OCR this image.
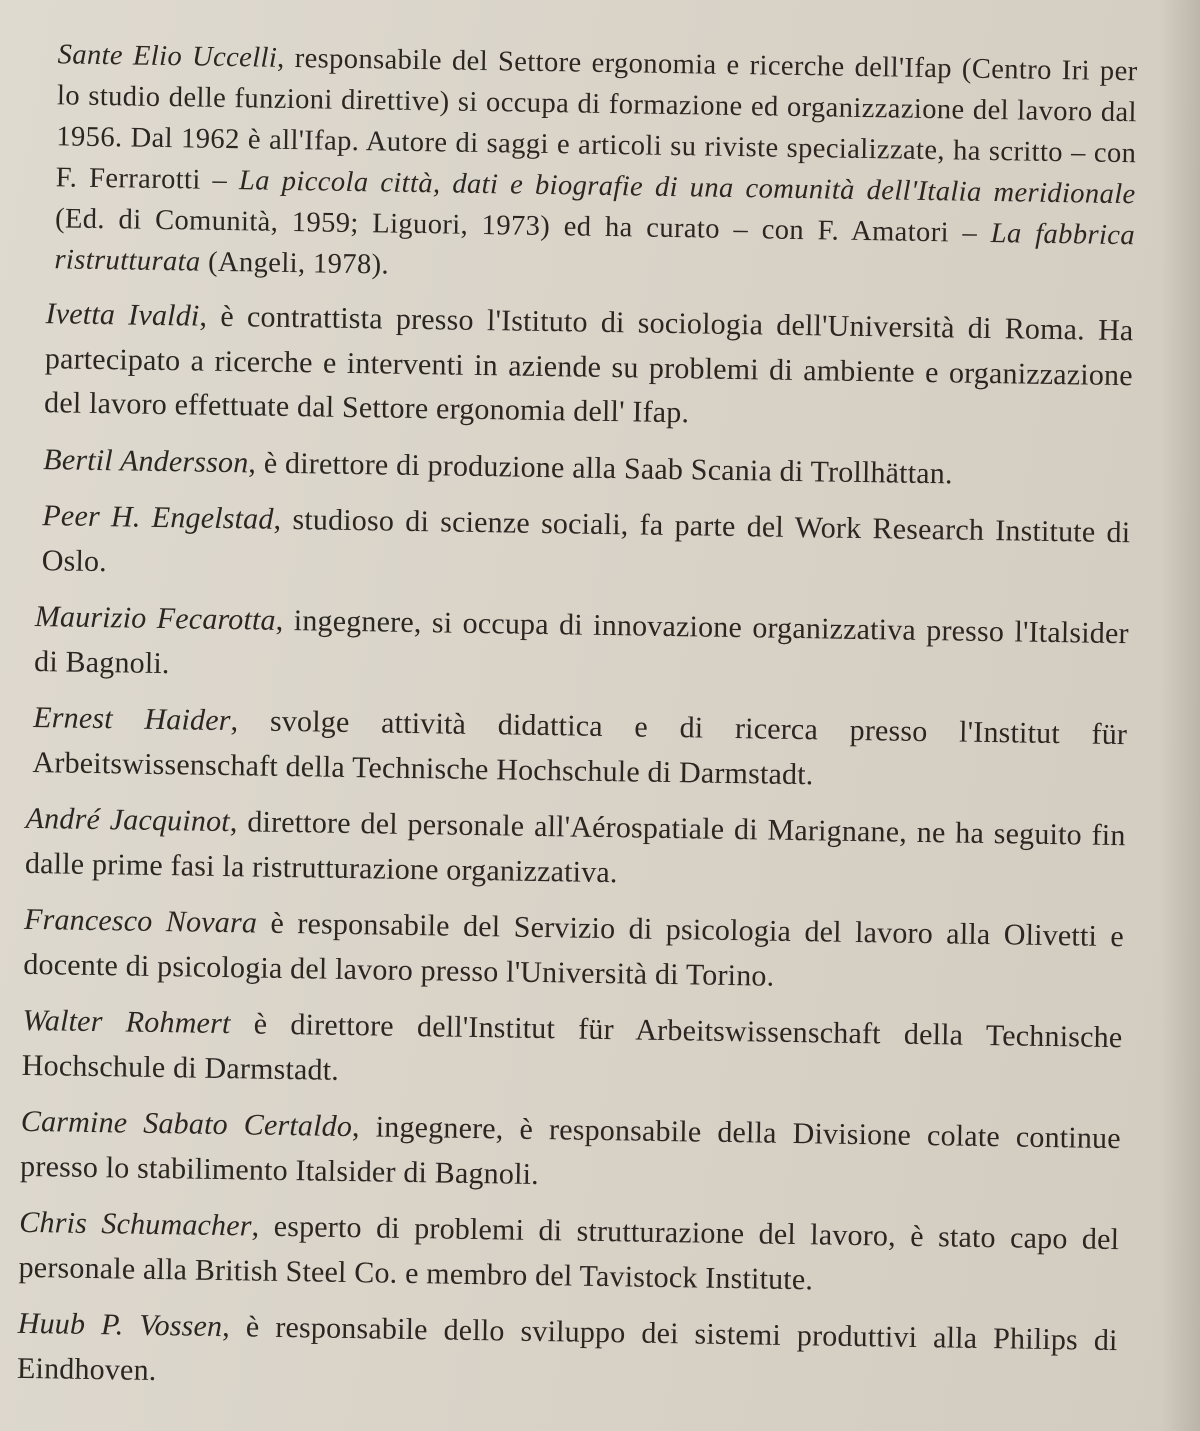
Sante Elio Uccelli, responsabile del Settore ergonomia e ricerche dell'Ifap (Centro Iri per lo studio delle funzioni direttive) si occupa di formazione ed organizzazione del lavoro dal 1956. Dal 1962 è all'Ifap. Autore di saggi e articoli su riviste specializzate, ha scritto – con F. Ferrarotti – La piccola città, dati e biografie di una comunità dell'Italia meridionale (Ed. di Comunità, 1959; Liguori, 1973) ed ha curato – con F. Amatori – La fabbrica ristrutturata (Angeli, 1978).

Ivetta Ivaldi, è contrattista presso l'Istituto di sociologia dell'Università di Roma. Ha partecipato a ricerche e interventi in aziende su problemi di ambiente e organizzazione del lavoro effettuate dal Settore ergonomia dell' Ifap.

Bertil Andersson, è direttore di produzione alla Saab Scania di Trollhättan.

Peer H. Engelstad, studioso di scienze sociali, fa parte del Work Research Institute di Oslo.

Maurizio Fecarotta, ingegnere, si occupa di innovazione organizzativa presso l'Italsider di Bagnoli.

Ernest Haider, svolge attività didattica e di ricerca presso l'Institut für Arbeitswissenschaft della Technische Hochschule di Darmstadt.

André Jacquinot, direttore del personale all'Aérospatiale di Marignane, ne ha seguito fin dalle prime fasi la ristrutturazione organizzativa.

Francesco Novara è responsabile del Servizio di psicologia del lavoro alla Olivetti e docente di psicologia del lavoro presso l'Università di Torino.

Walter Rohmert è direttore dell'Institut für Arbeitswissenschaft della Technische Hochschule di Darmstadt.

Carmine Sabato Certaldo, ingegnere, è responsabile della Divisione colate continue presso lo stabilimento Italsider di Bagnoli.

Chris Schumacher, esperto di problemi di strutturazione del lavoro, è stato capo del personale alla British Steel Co. e membro del Tavistock Institute.

Huub P. Vossen, è responsabile dello sviluppo dei sistemi produttivi alla Philips di Eindhoven.
